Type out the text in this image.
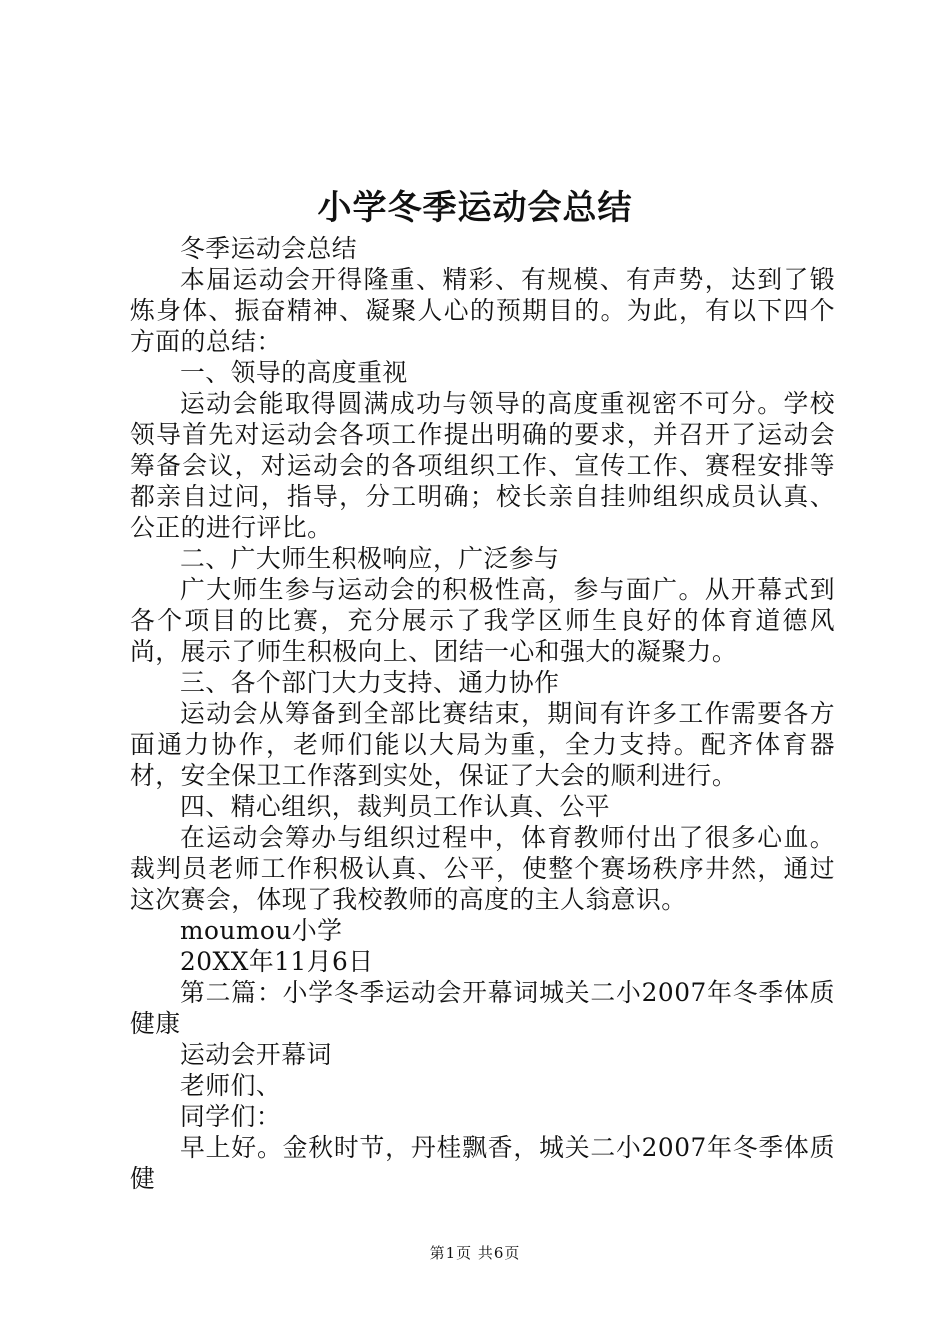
小学冬季运动会总结

冬季运动会总结

本届运动会开得隆重、精彩、有规模、有声势，达到了锻炼身体、振奋精神、凝聚人心的预期目的。为此，有以下四个方面的总结：

一、领导的高度重视

运动会能取得圆满成功与领导的高度重视密不可分。学校领导首先对运动会各项工作提出明确的要求，并召开了运动会筹备会议，对运动会的各项组织工作、宣传工作、赛程安排等都亲自过问，指导，分工明确；校长亲自挂帅组织成员认真、公正的进行评比。

二、广大师生积极响应，广泛参与

广大师生参与运动会的积极性高，参与面广。从开幕式到各个项目的比赛，充分展示了我学区师生良好的体育道德风尚，展示了师生积极向上、团结一心和强大的凝聚力。

三、各个部门大力支持、通力协作

运动会从筹备到全部比赛结束，期间有许多工作需要各方面通力协作，老师们能以大局为重，全力支持。配齐体育器材，安全保卫工作落到实处，保证了大会的顺利进行。

四、精心组织，裁判员工作认真、公平

在运动会筹办与组织过程中，体育教师付出了很多心血。裁判员老师工作积极认真、公平，使整个赛场秩序井然，通过这次赛会，体现了我校教师的高度的主人翁意识。

moumou小学

20XX年11月6日

第二篇：小学冬季运动会开幕词城关二小2007年冬季体质健康

运动会开幕词

老师们、

同学们：

早上好。金秋时节，丹桂飘香，城关二小2007年冬季体质健

第1页 共6页
